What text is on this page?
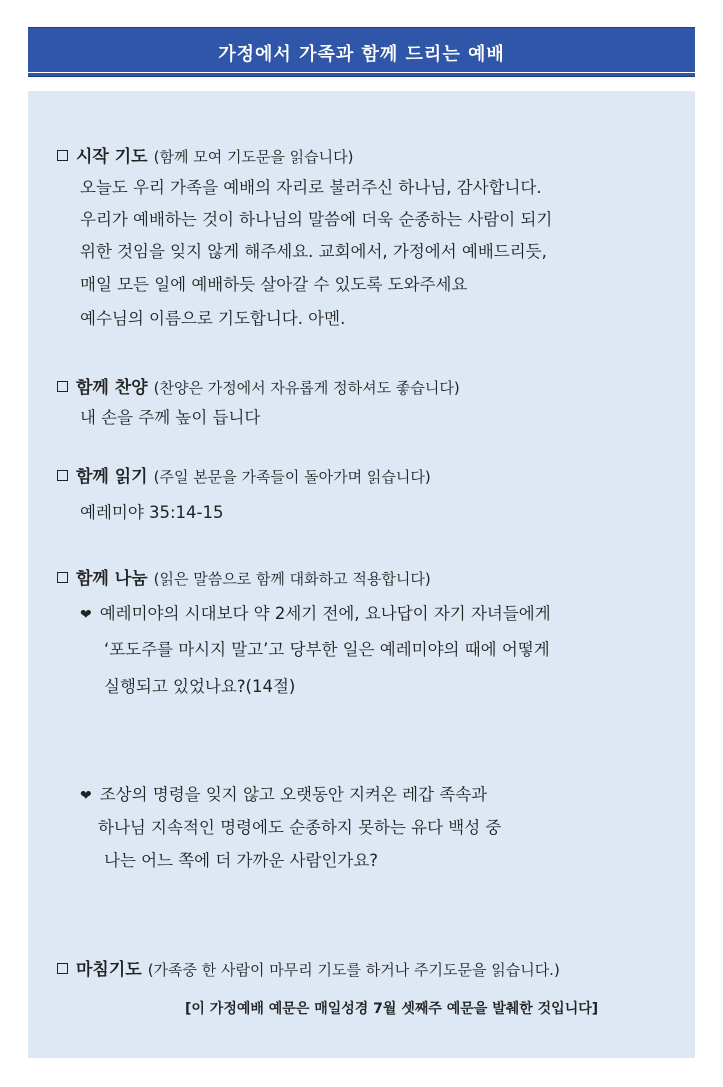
가정에서 가족과 함께 드리는 예배
시작 기도 (함께 모여 기도문을 읽습니다)
오늘도 우리 가족을 예배의 자리로 불러주신 하나님, 감사합니다.
우리가 예배하는 것이 하나님의 말씀에 더욱 순종하는 사람이 되기
위한 것임을 잊지 않게 해주세요. 교회에서, 가정에서 예배드리듯,
매일 모든 일에 예배하듯 살아갈 수 있도록 도와주세요
예수님의 이름으로 기도합니다. 아멘.
함께 찬양 (찬양은 가정에서 자유롭게 정하셔도 좋습니다)
내 손을 주께 높이 듭니다
함께 읽기 (주일 본문을 가족들이 돌아가며 읽습니다)
예레미야 35:14-15
함께 나눔 (읽은 말씀으로 함께 대화하고 적용합니다)
❤ 예레미야의 시대보다 약 2세기 전에, 요나답이 자기 자녀들에게
‘포도주를 마시지 말고’고 당부한 일은 예레미야의 때에 어떻게
실행되고 있었나요?(14절)
❤ 조상의 명령을 잊지 않고 오랫동안 지켜온 레갑 족속과
하나님 지속적인 명령에도 순종하지 못하는 유다 백성 중
나는 어느 쪽에 더 가까운 사람인가요?
마침기도 (가족중 한 사람이 마무리 기도를 하거나 주기도문을 읽습니다.)
[이 가정예배 예문은 매일성경 7월 셋째주 예문을 발췌한 것입니다]
